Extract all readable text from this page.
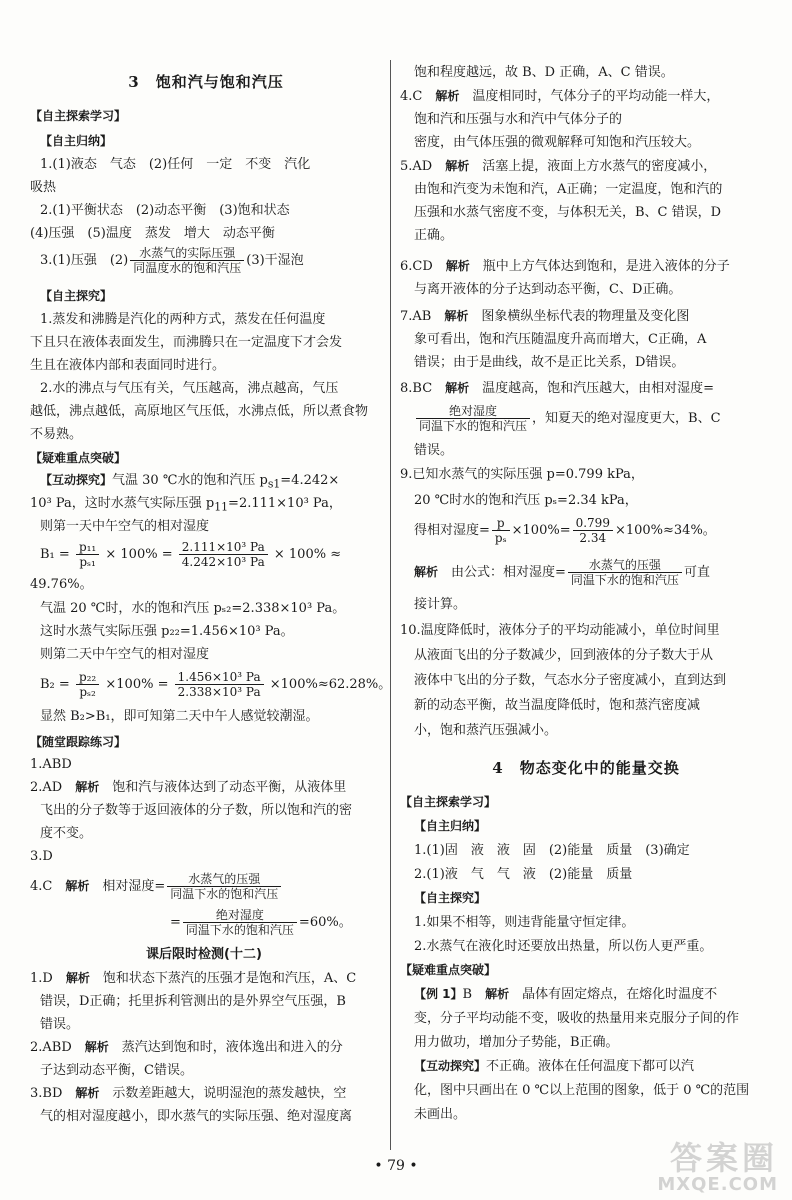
3　饱和汽与饱和汽压
【自主探索学习】
【自主归纳】
1.(1)液态　气态　(2)任何　一定　不变　汽化
吸热
2.(1)平衡状态　(2)动态平衡　(3)饱和状态
(4)压强　(5)温度　蒸发　增大　动态平衡
3.(1)压强　$(2) \frac{\text{水蒸气的实际压强}}{\text{同温度水的饱和汽压}} (3)$干湿泡
【自主探究】
1.蒸发和沸腾是汽化的两种方式，蒸发在任何温度
下且只在液体表面发生，而沸腾只在一定温度下才会发
生且在液体内部和表面同时进行。
2.水的沸点与气压有关，气压越高，沸点越高，气压
越低，沸点越低，高原地区气压低，水沸点低，所以煮食物
不易熟。
【疑难重点突破】
【互动探究】气温 30 ℃水的饱和汽压 $p_{s1}=4.242\times$
10³ Pa，这时水蒸气实际压强 $p_{11}=2.111\times 10^3$ Pa，
则第一天中午空气的相对湿度
$B_1 = \frac{\text{p₁₁}}{\text{pₛ₁}} \times 100\% = \frac{\text{2.111×10³ Pa}}{\text{4.242×10³ Pa}} \times 100\%$ ≈
49.76%。
气温 20 ℃时，水的饱和汽压 pₛ₂=2.338×10³ Pa。
这时水蒸气实际压强 p₂₂=1.456×10³ Pa。
则第二天中午空气的相对湿度
$B_2 = \frac{\text{p₂₂}}{\text{pₛ₂}} \times 100\% = \frac{\text{1.456×10³ Pa}}{\text{2.338×10³ Pa}} \times 100\%\approx 62.28\%$。
显然 B₂>B₁，即可知第二天中午人感觉较潮湿。
【随堂跟踪练习】
1.ABD
2.AD　解析　饱和汽与液体达到了动态平衡，从液体里
飞出的分子数等于返回液体的分子数，所以饱和汽的密
度不变。
3.D
4.C　解析　相对湿度= $\frac{\text{水蒸气的压强}}{\text{同温下水的饱和汽压}}$
= $\frac{\text{绝对湿度}}{\text{同温下水的饱和汽压}} =60\%$。
课后限时检测(十二)
1.D　解析　饱和状态下蒸汽的压强才是饱和汽压，A、C
错误，D正确；托里拆利管测出的是外界空气压强，B
错误。
2.ABD　解析　蒸汽达到饱和时，液体逸出和进入的分
子达到动态平衡，C错误。
3.BD　解析　示数差距越大，说明湿泡的蒸发越快，空
气的相对湿度越小，即水蒸气的实际压强、绝对湿度离
饱和程度越远，故 B、D 正确，A、C 错误。
4.C　解析　温度相同时，气体分子的平均动能一样大，
饱和汽和压强与水和汽中气体分子的
密度，由气体压强的微观解释可知饱和汽压较大。
5.AD　解析　活塞上提，液面上方水蒸气的密度减小，
由饱和汽变为未饱和汽，A正确；一定温度，饱和汽的
压强和水蒸气密度不变，与体积无关，B、C 错误，D
正确。
6.CD　解析　瓶中上方气体达到饱和，是进入液体的分子
与离开液体的分子达到动态平衡，C、D正确。
7.AB　解析　图象横纵坐标代表的物理量及变化图
象可看出，饱和汽压随温度升高而增大，C正确，A
错误；由于是曲线，故不是正比关系，D错误。
8.BC　解析　温度越高，饱和汽压越大，由相对湿度=
$\frac{\text{绝对湿度}}{\text{同温下水的饱和汽压}}$ ，知夏天的绝对湿度更大，B、C
错误。
9.已知水蒸气的实际压强 p=0.799 kPa，
20 ℃时水的饱和汽压 pₛ=2.34 kPa，
得相对湿度= $\frac{p}{\text{pₛ}} \times 100\%= \frac{0.799}{2.34} \times 100\%\approx 34\%$。
解析　由公式：相对湿度= $\frac{\text{水蒸气的压强}}{\text{同温下水的饱和汽压}}$ 可直
接计算。
10.温度降低时，液体分子的平均动能减小，单位时间里
从液面飞出的分子数减少，回到液体的分子数大于从
液体中飞出的分子数，气态水分子密度减小，直到达到
新的动态平衡，故当温度降低时，饱和蒸汽密度减
小，饱和蒸汽压强减小。
4　物态变化中的能量交换
【自主探索学习】
【自主归纳】
1.(1)固　液　液　固　(2)能量　质量　(3)确定
2.(1)液　气　气　液　(2)能量　质量
【自主探究】
1.如果不相等，则违背能量守恒定律。
2.水蒸气在液化时还要放出热量，所以伤人更严重。
【疑难重点突破】
【例 1】B　解析　晶体有固定熔点，在熔化时温度不
变，分子平均动能不变，吸收的热量用来克服分子间的作
用力做功，增加分子势能，B正确。
【互动探究】不正确。液体在任何温度下都可以汽
化，图中只画出在 0 ℃以上范围的图象，低于 0 ℃的范围
未画出。
• 79 •	答案圈
MXQE.COM
